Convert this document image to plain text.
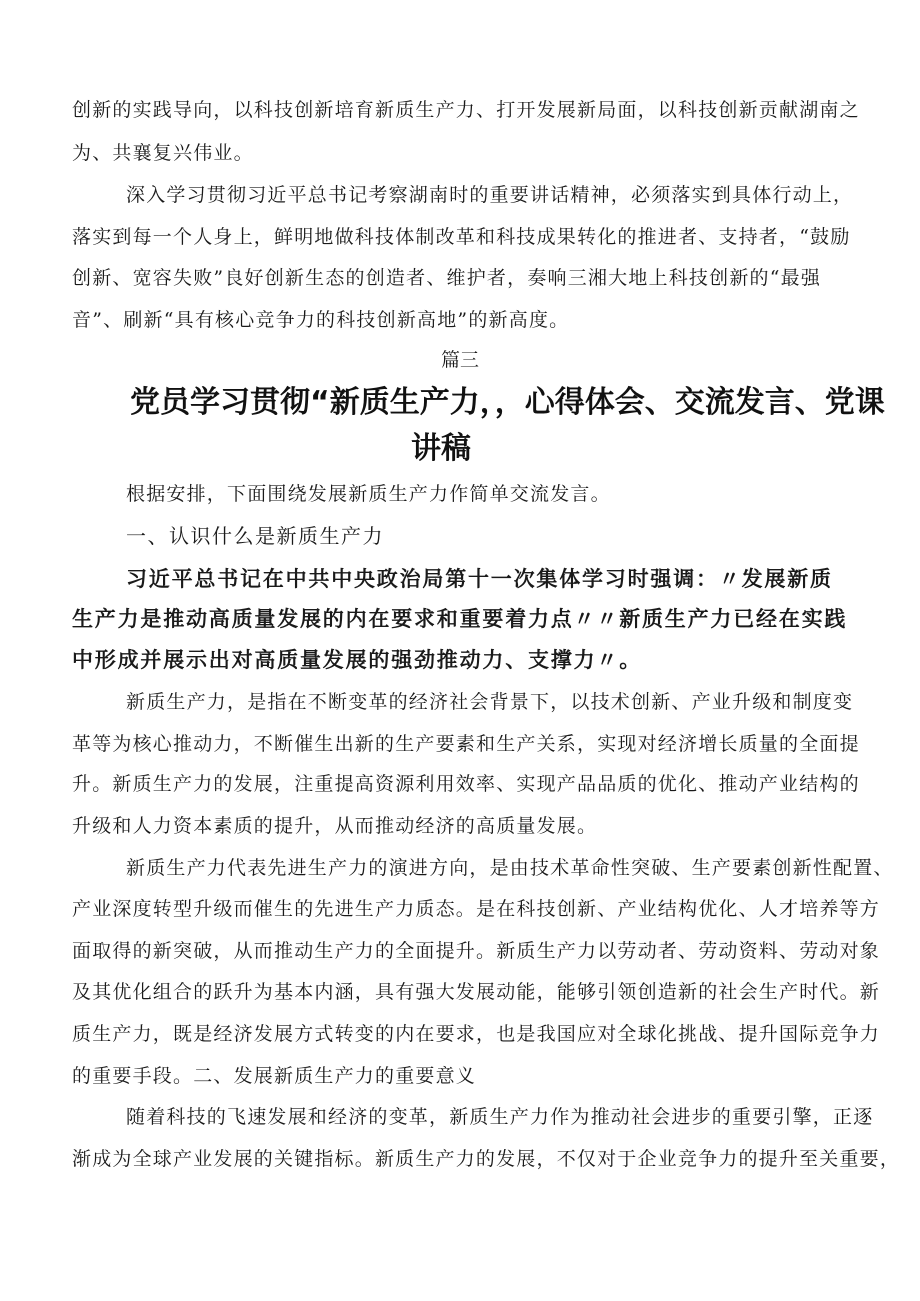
创新的实践导向，以科技创新培育新质生产力、打开发展新局面，以科技创新贡献湖南之
为、共襄复兴伟业。
深入学习贯彻习近平总书记考察湖南时的重要讲话精神，必须落实到具体行动上，
落实到每一个人身上，鲜明地做科技体制改革和科技成果转化的推进者、支持者，“鼓励
创新、宽容失败”良好创新生态的创造者、维护者，奏响三湘大地上科技创新的“最强
音”、刷新“具有核心竞争力的科技创新高地”的新高度。
篇三
党员学习贯彻“新质生产力，，心得体会、交流发言、党课
讲稿
根据安排，下面围绕发展新质生产力作简单交流发言。
一、认识什么是新质生产力
习近平总书记在中共中央政治局第十一次集体学习时强调：〃发展新质
生产力是推动高质量发展的内在要求和重要着力点〃〃新质生产力已经在实践
中形成并展示出对高质量发展的强劲推动力、支撑力〃。
新质生产力，是指在不断变革的经济社会背景下，以技术创新、产业升级和制度变
革等为核心推动力，不断催生出新的生产要素和生产关系，实现对经济增长质量的全面提
升。新质生产力的发展，注重提高资源利用效率、实现产品品质的优化、推动产业结构的
升级和人力资本素质的提升，从而推动经济的高质量发展。
新质生产力代表先进生产力的演进方向，是由技术革命性突破、生产要素创新性配置、
产业深度转型升级而催生的先进生产力质态。是在科技创新、产业结构优化、人才培养等方
面取得的新突破，从而推动生产力的全面提升。新质生产力以劳动者、劳动资料、劳动对象
及其优化组合的跃升为基本内涵，具有强大发展动能，能够引领创造新的社会生产时代。新
质生产力，既是经济发展方式转变的内在要求，也是我国应对全球化挑战、提升国际竞争力
的重要手段。二、发展新质生产力的重要意义
随着科技的飞速发展和经济的变革，新质生产力作为推动社会进步的重要引擎，正逐
渐成为全球产业发展的关键指标。新质生产力的发展，不仅对于企业竞争力的提升至关重要，
